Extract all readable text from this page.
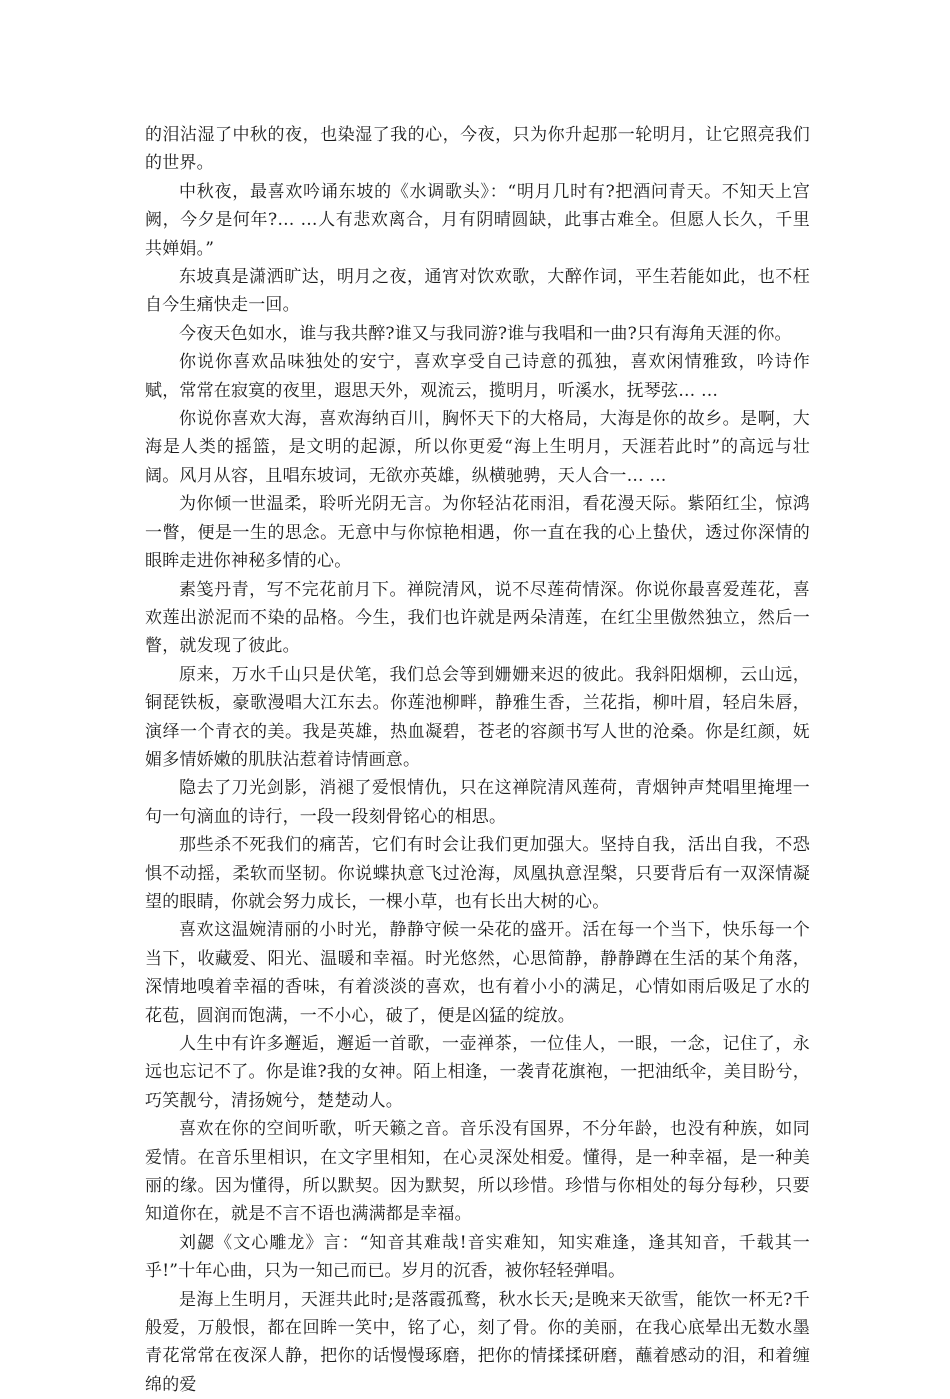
的泪沾湿了中秋的夜，也染湿了我的心，今夜，只为你升起那一轮明月，让它照亮我们的世界。

中秋夜，最喜欢吟诵东坡的《水调歌头》：“明月几时有?把酒问青天。不知天上宫阙，今夕是何年?… …人有悲欢离合，月有阴晴圆缺，此事古难全。但愿人长久，千里共婵娟。”

东坡真是潇洒旷达，明月之夜，通宵对饮欢歌，大醉作词，平生若能如此，也不枉自今生痛快走一回。

今夜天色如水，谁与我共醉?谁又与我同游?谁与我唱和一曲?只有海角天涯的你。

你说你喜欢品味独处的安宁，喜欢享受自己诗意的孤独，喜欢闲情雅致，吟诗作赋，常常在寂寞的夜里，遐思天外，观流云，揽明月，听溪水，抚琴弦… …

你说你喜欢大海，喜欢海纳百川，胸怀天下的大格局，大海是你的故乡。是啊，大海是人类的摇篮，是文明的起源，所以你更爱“海上生明月，天涯若此时”的高远与壮阔。风月从容，且唱东坡词，无欲亦英雄，纵横驰骋，天人合一… …

为你倾一世温柔，聆听光阴无言。为你轻沾花雨泪，看花漫天际。紫陌红尘，惊鸿一瞥，便是一生的思念。无意中与你惊艳相遇，你一直在我的心上蛰伏，透过你深情的眼眸走进你神秘多情的心。

素笺丹青，写不完花前月下。禅院清风，说不尽莲荷情深。你说你最喜爱莲花，喜欢莲出淤泥而不染的品格。今生，我们也许就是两朵清莲，在红尘里傲然独立，然后一瞥，就发现了彼此。

原来，万水千山只是伏笔，我们总会等到姗姗来迟的彼此。我斜阳烟柳，云山远，铜琵铁板，豪歌漫唱大江东去。你莲池柳畔，静雅生香，兰花指，柳叶眉，轻启朱唇，演绎一个青衣的美。我是英雄，热血凝碧，苍老的容颜书写人世的沧桑。你是红颜，妩媚多情娇嫩的肌肤沾惹着诗情画意。

隐去了刀光剑影，消褪了爱恨情仇，只在这禅院清风莲荷，青烟钟声梵唱里掩埋一句一句滴血的诗行，一段一段刻骨铭心的相思。

那些杀不死我们的痛苦，它们有时会让我们更加强大。坚持自我，活出自我，不恐惧不动摇，柔软而坚韧。你说蝶执意飞过沧海，凤凰执意涅槃，只要背后有一双深情凝望的眼睛，你就会努力成长，一棵小草，也有长出大树的心。

喜欢这温婉清丽的小时光，静静守候一朵花的盛开。活在每一个当下，快乐每一个当下，收藏爱、阳光、温暖和幸福。时光悠然，心思简静，静静蹲在生活的某个角落，深情地嗅着幸福的香味，有着淡淡的喜欢，也有着小小的满足，心情如雨后吸足了水的花苞，圆润而饱满，一不小心，破了，便是凶猛的绽放。

人生中有许多邂逅，邂逅一首歌，一壶禅茶，一位佳人，一眼，一念，记住了，永远也忘记不了。你是谁?我的女神。陌上相逢，一袭青花旗袍，一把油纸伞，美目盼兮，巧笑靓兮，清扬婉兮，楚楚动人。

喜欢在你的空间听歌，听天籁之音。音乐没有国界，不分年龄，也没有种族，如同爱情。在音乐里相识，在文字里相知，在心灵深处相爱。懂得，是一种幸福，是一种美丽的缘。因为懂得，所以默契。因为默契，所以珍惜。珍惜与你相处的每分每秒，只要知道你在，就是不言不语也满满都是幸福。

刘勰《文心雕龙》言：“知音其难哉!音实难知，知实难逢，逢其知音，千载其一乎!”十年心曲，只为一知己而已。岁月的沉香，被你轻轻弹唱。

是海上生明月，天涯共此时;是落霞孤鹜，秋水长天;是晚来天欲雪，能饮一杯无?千般爱，万般恨，都在回眸一笑中，铭了心，刻了骨。你的美丽，在我心底晕出无数水墨青花常常在夜深人静，把你的话慢慢琢磨，把你的情揉揉研磨，蘸着感动的泪，和着缠绵的爱
